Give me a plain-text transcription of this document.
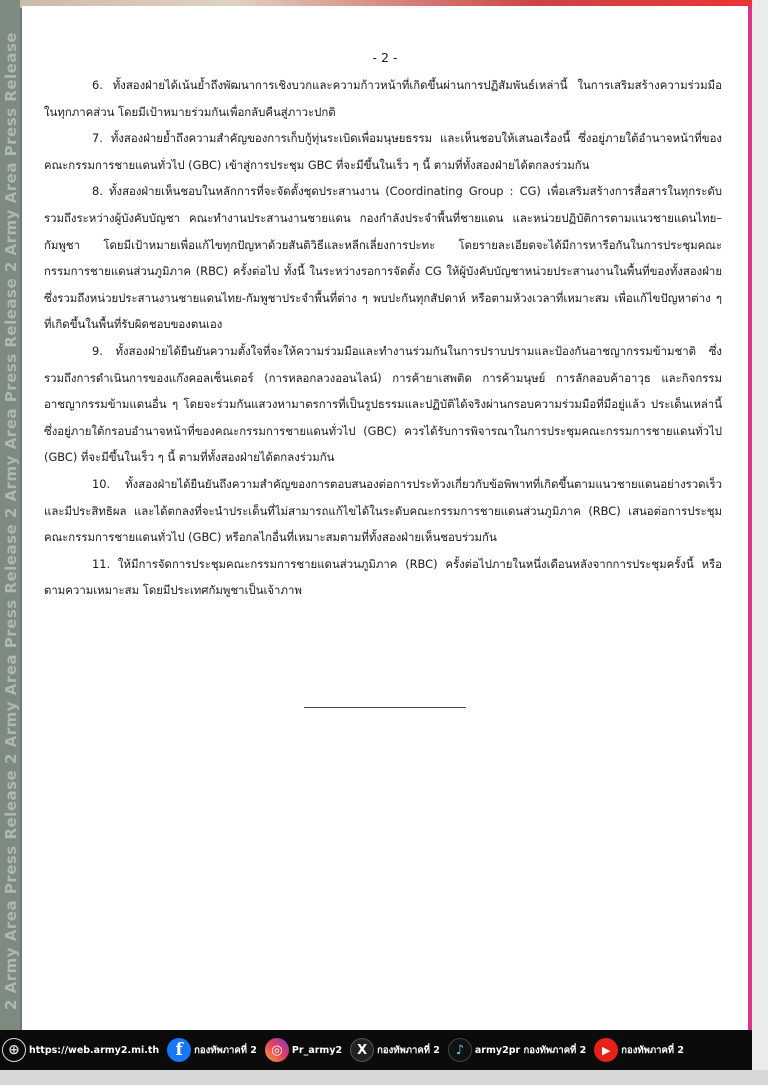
2 Army Area Press Release 2 Army Area Press Release 2 Army Area Press Release 2 Army Area Press Release	- 2 -

6. ทั้งสองฝ่ายได้เน้นย้ำถึงพัฒนาการเชิงบวกและความก้าวหน้าที่เกิดขึ้นผ่านการปฏิสัมพันธ์เหล่านี้ ในการเสริมสร้างความร่วมมือในทุกภาคส่วน โดยมีเป้าหมายร่วมกันเพื่อกลับคืนสู่ภาวะปกติ

7. ทั้งสองฝ่ายย้ำถึงความสำคัญของการเก็บกู้ทุ่นระเบิดเพื่อมนุษยธรรม และเห็นชอบให้เสนอเรื่องนี้ ซึ่งอยู่ภายใต้อำนาจหน้าที่ของคณะกรรมการชายแดนทั่วไป (GBC) เข้าสู่การประชุม GBC ที่จะมีขึ้นในเร็ว ๆ นี้ ตามที่ทั้งสองฝ่ายได้ตกลงร่วมกัน

8. ทั้งสองฝ่ายเห็นชอบในหลักการที่จะจัดตั้งชุดประสานงาน (Coordinating Group : CG) เพื่อเสริมสร้างการสื่อสารในทุกระดับ รวมถึงระหว่างผู้บังคับบัญชา คณะทำงานประสานงานชายแดน กองกำลังประจำพื้นที่ชายแดน และหน่วยปฏิบัติการตามแนวชายแดนไทย–กัมพูชา โดยมีเป้าหมายเพื่อแก้ไขทุกปัญหาด้วยสันติวิธีและหลีกเลี่ยงการปะทะ โดยรายละเอียดจะได้มีการหารือกันในการประชุมคณะกรรมการชายแดนส่วนภูมิภาค (RBC) ครั้งต่อไป ทั้งนี้ ในระหว่างรอการจัดตั้ง CG ให้ผู้บังคับบัญชาหน่วยประสานงานในพื้นที่ของทั้งสองฝ่าย ซึ่งรวมถึงหน่วยประสานงานชายแดนไทย-กัมพูชาประจำพื้นที่ต่าง ๆ พบปะกันทุกสัปดาห์ หรือตามห้วงเวลาที่เหมาะสม เพื่อแก้ไขปัญหาต่าง ๆ ที่เกิดขึ้นในพื้นที่รับผิดชอบของตนเอง

9. ทั้งสองฝ่ายได้ยืนยันความตั้งใจที่จะให้ความร่วมมือและทำงานร่วมกันในการปราบปรามและป้องกันอาชญากรรมข้ามชาติ ซึ่งรวมถึงการดำเนินการของแก๊งคอลเซ็นเตอร์ (การหลอกลวงออนไลน์) การค้ายาเสพติด การค้ามนุษย์ การลักลอบค้าอาวุธ และกิจกรรมอาชญากรรมข้ามแดนอื่น ๆ โดยจะร่วมกันแสวงหามาตรการที่เป็นรูปธรรมและปฏิบัติได้จริงผ่านกรอบความร่วมมือที่มีอยู่แล้ว ประเด็นเหล่านี้ ซึ่งอยู่ภายใต้กรอบอำนาจหน้าที่ของคณะกรรมการชายแดนทั่วไป (GBC) ควรได้รับการพิจารณาในการประชุมคณะกรรมการชายแดนทั่วไป (GBC) ที่จะมีขึ้นในเร็ว ๆ นี้ ตามที่ทั้งสองฝ่ายได้ตกลงร่วมกัน

10. ทั้งสองฝ่ายได้ยืนยันถึงความสำคัญของการตอบสนองต่อการประท้วงเกี่ยวกับข้อพิพาทที่เกิดขึ้นตามแนวชายแดนอย่างรวดเร็วและมีประสิทธิผล และได้ตกลงที่จะนำประเด็นที่ไม่สามารถแก้ไขได้ในระดับคณะกรรมการชายแดนส่วนภูมิภาค (RBC) เสนอต่อการประชุมคณะกรรมการชายแดนทั่วไป (GBC) หรือกลไกอื่นที่เหมาะสมตามที่ทั้งสองฝ่ายเห็นชอบร่วมกัน

11. ให้มีการจัดการประชุมคณะกรรมการชายแดนส่วนภูมิภาค (RBC) ครั้งต่อไปภายในหนึ่งเดือนหลังจากการประชุมครั้งนี้ หรือตามความเหมาะสม โดยมีประเทศกัมพูชาเป็นเจ้าภาพ

⊕ https://web.army2.mi.th f	กองทัพภาคที่ 2	◎ Pr_army2	X	กองทัพภาคที่ 2	♪	army2pr กองทัพภาคที่ 2	▶	กองทัพภาคที่ 2
